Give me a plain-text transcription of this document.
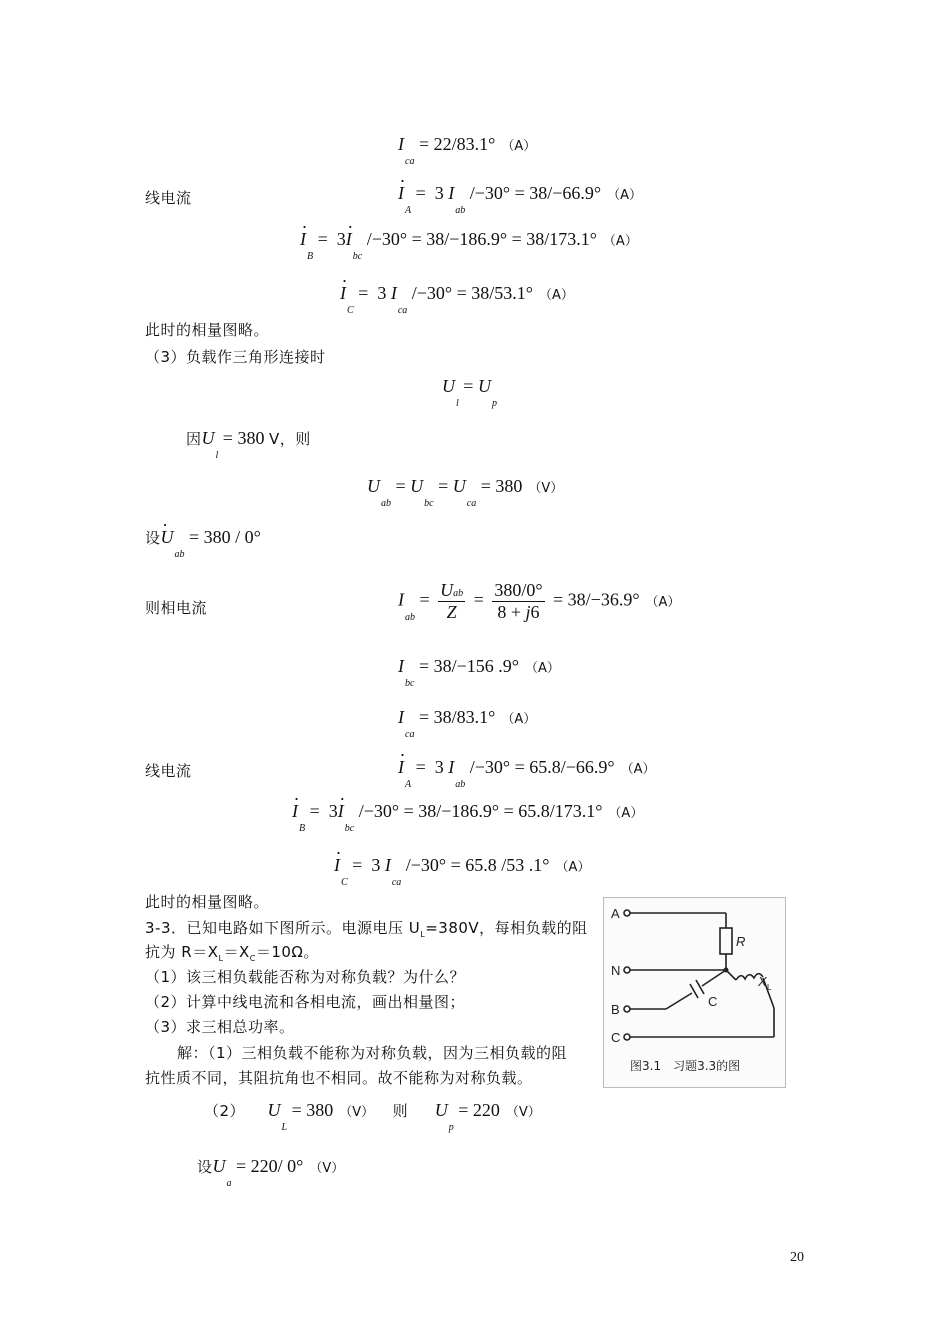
$I_{ca} = 22/83.1^\circ$ （A）
线电流	· $I_A = 3$ $I_{ab}$ /−30° = 38/−66.9° （A）
· $I_B = 3\cdot I_{bc}$ /−30° = 38/−186.9° = 38/173.1° （A）
· $I_C = 3$ $I_{ca}$ /−30° = 38/53.1° （A）
此时的相量图略。
（3）负载作三角形连接时
$U_l = U_p$
因$U_l = 380$ V，则
$U_{ab} = U_{bc} = U_{ca} = 380$ （V）
设· $U_{ab} = 380 / 0^\circ$
则相电流	$I_{ab} = \frac{\text{Uab}}{Z} = \frac{380/0^\circ}{8 + j6} = 38/-36.9^\circ$ （A）
$I_{bc} = 38/-156$ .9° （A）
$I_{ca} = 38/83.1^\circ$ （A）
线电流	· $I_A = 3$ $I_{ab}$ /−30° = 65.8/−66.9° （A）
· $I_B = 3\cdot I_{bc}$ /−30° = 38/−186.9° = 65.8/173.1° （A）
· $I_C = 3$ $I_{ca}$ /−30° = 65.8 /53 .1° （A）
此时的相量图略。
3-3．已知电路如下图所示。电源电压 $U_L=380V$，每相负载的阻
抗为 $R=X_L=X_C=10\Omega$。
（1）该三相负载能否称为对称负载？为什么？
（2）计算中线电流和各相电流，画出相量图；
（3）求三相总功率。
解：（1）三相负载不能称为对称负载，因为三相负载的阻
抗性质不同，其阻抗角也不相同。故不能称为对称负载。
A
N
B
C
R
X L
C
图3.1　习题3.3的图
（2） $U_L = 380$ （V） 则 $U_p = 220$ （V）
设$U_a = 220/$ 0° （V）
20
